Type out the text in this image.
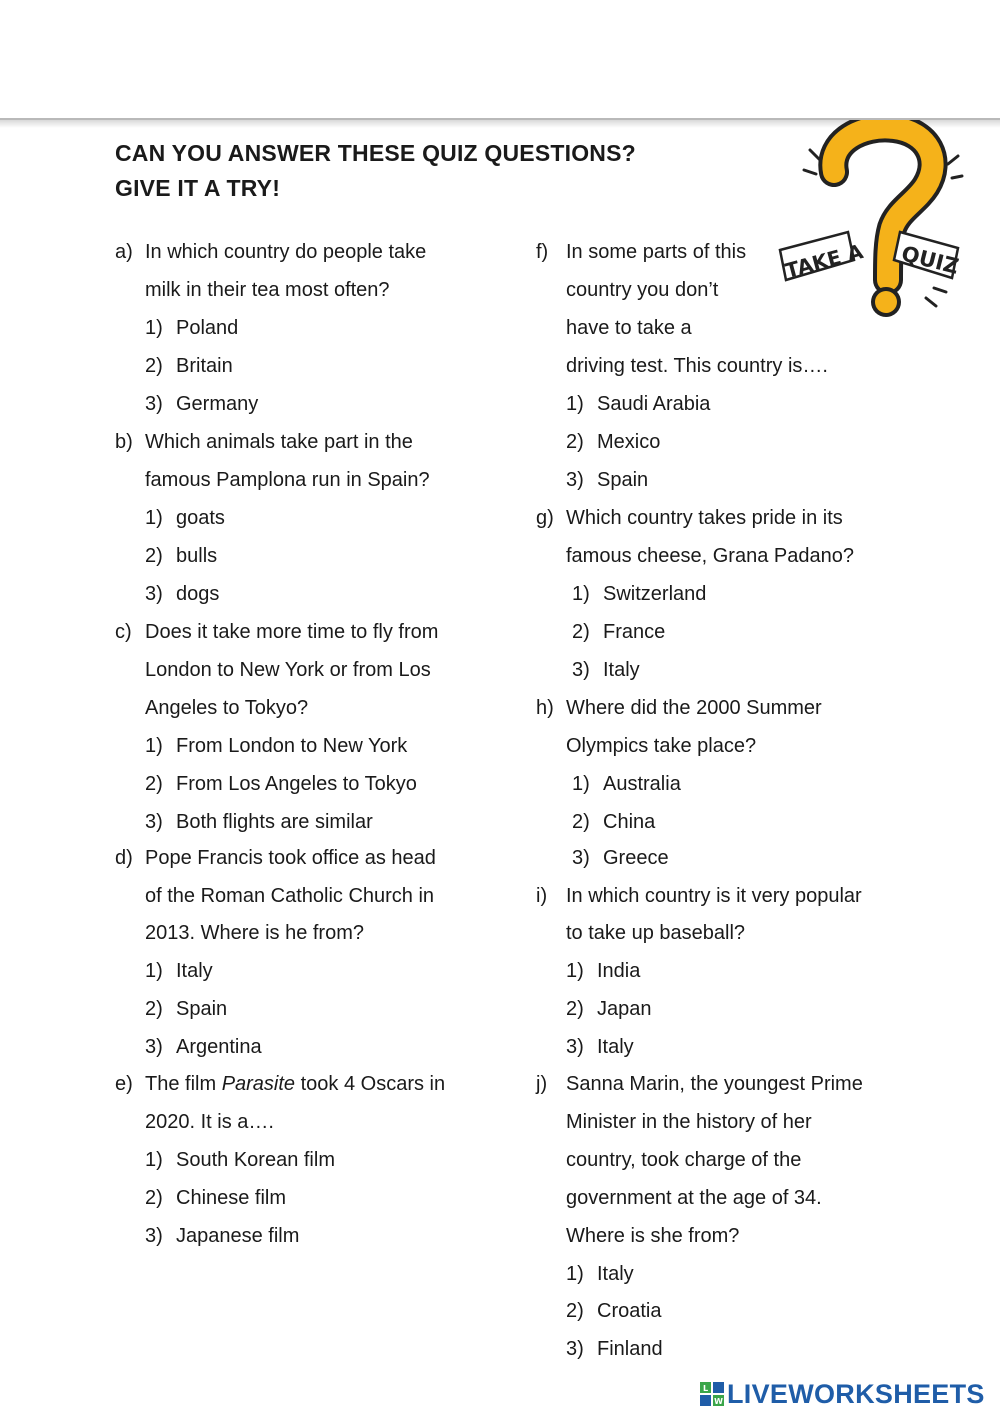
CAN YOU ANSWER THESE QUIZ QUESTIONS?
GIVE IT A TRY!
TAKE A QUIZ
a) In which country do people take
milk in their tea most often?
1) Poland
2) Britain
3) Germany
b) Which animals take part in the
famous Pamplona run in Spain?
1) goats
2) bulls
3) dogs
c) Does it take more time to fly from
London to New York or from Los
Angeles to Tokyo?
1) From London to New York
2) From Los Angeles to Tokyo
3) Both flights are similar
d) Pope Francis took office as head
of the Roman Catholic Church in
2013. Where is he from?
1) Italy
2) Spain
3) Argentina
e) The film Parasite took 4 Oscars in
2020. It is a….
1) South Korean film
2) Chinese film
3) Japanese film
f) In some parts of this
country you don’t
have to take a
driving test. This country is….
1) Saudi Arabia
2) Mexico
3) Spain
g) Which country takes pride in its
famous cheese, Grana Padano?
1) Switzerland
2) France
3) Italy
h) Where did the 2000 Summer
Olympics take place?
1) Australia
2) China
3) Greece
i) In which country is it very popular
to take up baseball?
1) India
2) Japan
3) Italy
j) Sanna Marin, the youngest Prime
Minister in the history of her
country, took charge of the
government at the age of 34.
Where is she from?
1) Italy
2) Croatia
3) Finland
L
W LIVEWORKSHEETS
